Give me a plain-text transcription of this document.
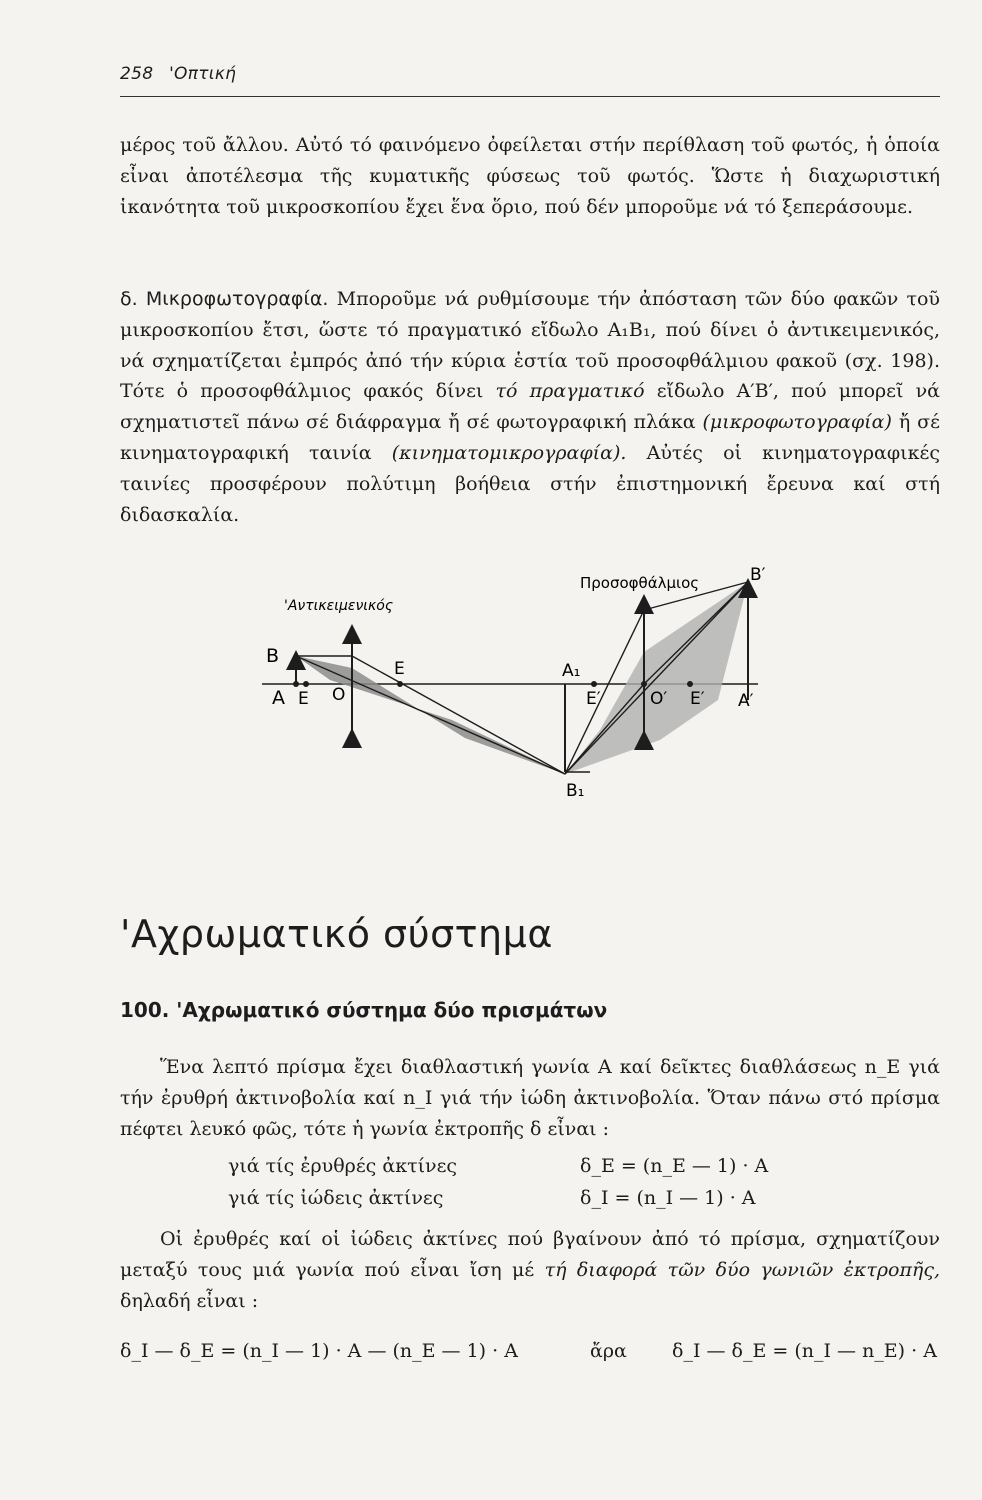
258 'Οπτική

μέρος τοῦ ἄλλου. Αὐτό τό φαινόμενο ὀφείλεται στήν περίθλαση τοῦ φωτός, ἡ ὁποία εἶναι ἀποτέλεσμα τῆς κυματικῆς φύσεως τοῦ φωτός. Ὥστε ἡ διαχωριστική ἱκανότητα τοῦ μικροσκοπίου ἔχει ἕνα ὅριο, πού δέν μποροῦμε νά τό ξεπεράσουμε.

δ. Μικροφωτογραφία. Μποροῦμε νά ρυθμίσουμε τήν ἀπόσταση τῶν δύο φακῶν τοῦ μικροσκοπίου ἔτσι, ὥστε τό πραγματικό εἴδωλο A₁B₁, πού δίνει ὁ ἀντικειμενικός, νά σχηματίζεται ἐμπρός ἀπό τήν κύρια ἑστία τοῦ προσοφθάλμιου φακοῦ (σχ. 198). Τότε ὁ προσοφθάλμιος φακός δίνει τό πραγματικό εἴδωλο A′B′, πού μπορεῖ νά σχηματιστεῖ πάνω σέ διάφραγμα ἤ σέ φωτογραφική πλάκα (μικροφωτογραφία) ἤ σέ κινηματογραφική ταινία (κινηματομικρογραφία). Αὐτές οἱ κινηματογραφικές ταινίες προσφέρουν πολύτιμη βοήθεια στήν ἐπιστημονική ἔρευνα καί στή διδασκαλία.

'Αντικειμενικός
Προσοφθάλμιος
B
A E O
E	A₁
B₁
E′	O′ E′ A′
B′
'Αχρωματικό σύστημα
100. 'Αχρωματικό σύστημα δύο πρισμάτων

Ἕνα λεπτό πρίσμα ἔχει διαθλαστική γωνία A καί δεῖκτες διαθλάσεως n_E γιά τήν ἐρυθρή ἀκτινοβολία καί n_I γιά τήν ἰώδη ἀκτινοβολία. Ὅταν πάνω στό πρίσμα πέφτει λευκό φῶς, τότε ἡ γωνία ἐκτροπῆς δ εἶναι :

γιά τίς ἐρυθρές ἀκτίνες	δ_E = (n_E — 1) · A
γιά τίς ἰώδεις ἀκτίνες	δ_I = (n_I — 1) · A

Οἱ ἐρυθρές καί οἱ ἰώδεις ἀκτίνες πού βγαίνουν ἀπό τό πρίσμα, σχηματίζουν μεταξύ τους μιά γωνία πού εἶναι ἴση μέ τή διαφορά τῶν δύο γωνιῶν ἐκτροπῆς, δηλαδή εἶναι :

δ_I — δ_E = (n_I — 1) · A — (n_E — 1) · A	ἄρα δ_I — δ_E = (n_I — n_E) · A
